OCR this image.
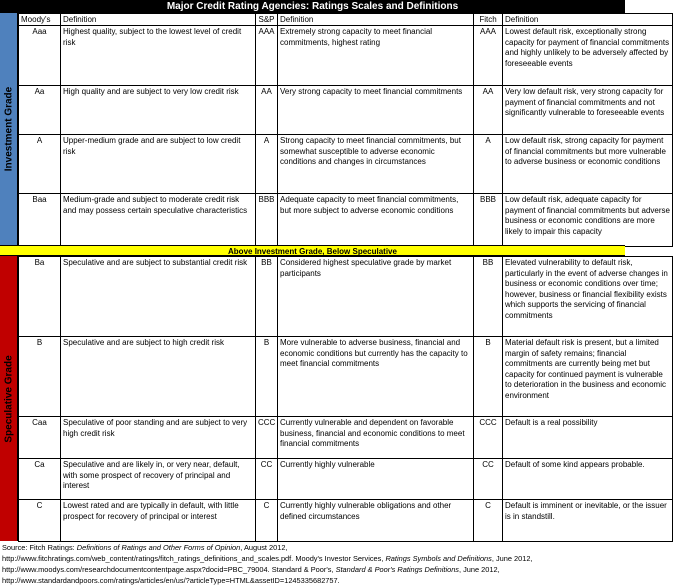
Major Credit Rating Agencies: Ratings Scales and Definitions
Investment Grade
Speculative Grade
Moody's	Definition	S&P	Definition	Fitch	Definition
Aaa	Highest quality, subject to the lowest level of credit risk	AAA	Extremely strong capacity to meet financial commitments, highest rating	AAA	Lowest default risk, exceptionally strong capacity for payment of financial commitments and highly unlikely to be adversely affected by foreseeable events
Aa	High quality and are subject to very low credit risk	AA	Very strong capacity to meet financial commitments	AA	Very low default risk, very strong capacity for payment of financial commitments and not significantly vulnerable to foreseeable events
A	Upper-medium grade and are subject to low credit risk	A	Strong capacity to meet financial commitments, but somewhat susceptible to adverse economic conditions and changes in circumstances	A	Low default risk, strong capacity for payment of financial commitments but more vulnerable to adverse business or economic conditions
Baa	Medium-grade and subject to moderate credit risk and may possess certain speculative characteristics	BBB	Adequate capacity to meet financial commitments, but more subject to adverse economic conditions	BBB	Low default risk, adequate capacity for payment of financial commitments but adverse business or economic conditions are more likely to impair this capacity
Above Investment Grade, Below Speculative
Ba	Speculative and are subject to substantial credit risk	BB	Considered highest speculative grade by market participants	BB	Elevated vulnerability to default risk, particularly in the event of adverse changes in business or economic conditions over time; however, business or financial flexibility exists which supports the servicing of financial commitments
B	Speculative and are subject to high credit risk	B	More vulnerable to adverse business, financial and economic conditions but currently has the capacity to meet financial commitments	B	Material default risk is present, but a limited margin of safety remains; financial commitments are currently being met but capacity for continued payment is vulnerable to deterioration in the business and economic environment
Caa	Speculative of poor standing and are subject to very high credit risk	CCC	Currently vulnerable and dependent on favorable business, financial and economic conditions to meet financial commitments	CCC	Default is a real possibility
Ca	Speculative and are likely in, or very near, default, with some prospect of recovery of principal and interest	CC	Currently highly vulnerable	CC	Default of some kind appears probable.
C	Lowest rated and are typically in default, with little prospect for recovery of principal or interest	C	Currently highly vulnerable obligations and other defined circumstances	C	Default is imminent or inevitable, or the issuer is in standstill.
Source: Fitch Ratings: Definitions of Ratings and Other Forms of Opinion, August 2012,
http://www.fitchratings.com/web_content/ratings/fitch_ratings_definitions_and_scales.pdf. Moody's Investor Services, Ratings Symbols and Definitions, June 2012,
http://www.moodys.com/researchdocumentcontentpage.aspx?docid=PBC_79004. Standard & Poor's, Standard & Poor's Ratings Definitions, June 2012,
http://www.standardandpoors.com/ratings/articles/en/us/?articleType=HTML&assetID=1245335682757.
